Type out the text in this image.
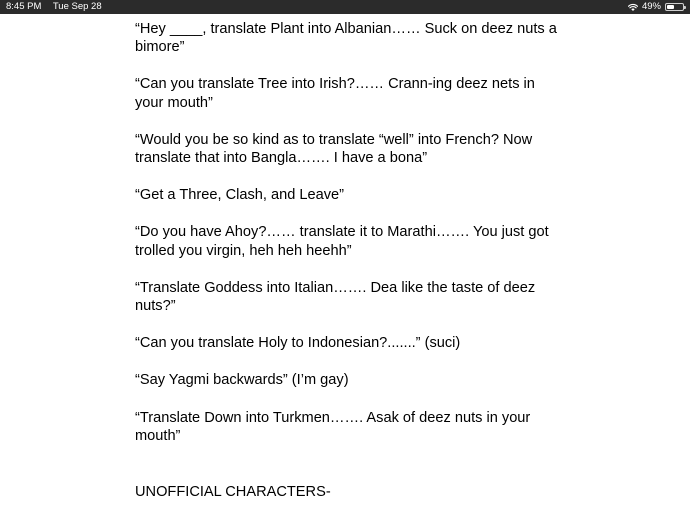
8:45 PM Tue Sep 28	49%

“Hey ____, translate Plant into Albanian…… Suck on deez nuts a bimore”

“Can you translate Tree into Irish?…… Crann-ing deez nets in your mouth”

“Would you be so kind as to translate “well” into French? Now translate that into Bangla……. I have a bona”

“Get a Three, Clash, and Leave”

“Do you have Ahoy?…… translate it to Marathi……. You just got trolled you virgin, heh heh heehh”

“Translate Goddess into Italian……. Dea like the taste of deez nuts?”

“Can you translate Holy to Indonesian?.......” (suci)

“Say Yagmi backwards” (I’m gay)

“Translate Down into Turkmen……. Asak of deez nuts in your mouth”

UNOFFICIAL CHARACTERS-
